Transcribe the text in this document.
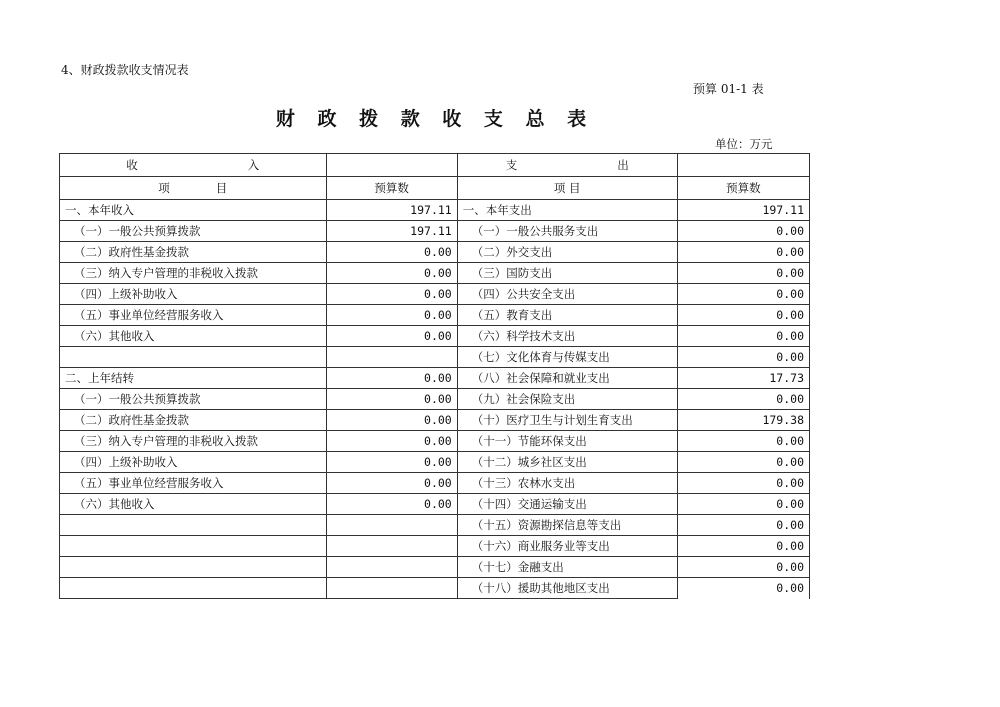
4、财政拨款收支情况表
预算 01-1 表
财 政 拨 款 收 支 总 表
单位：万元
收 入		支 出	
项　　　　目	预算数	项 目	预算数
一、本年收入	197.11	一、本年支出	197.11
（一）一般公共预算拨款	197.11	（一）一般公共服务支出	0.00
（二）政府性基金拨款	0.00	（二）外交支出	0.00
（三）纳入专户管理的非税收入拨款	0.00	（三）国防支出	0.00
（四）上级补助收入	0.00	（四）公共安全支出	0.00
（五）事业单位经营服务收入	0.00	（五）教育支出	0.00
（六）其他收入	0.00	（六）科学技术支出	0.00
		（七）文化体育与传媒支出	0.00
二、上年结转	0.00	（八）社会保障和就业支出	17.73
（一）一般公共预算拨款	0.00	（九）社会保险支出	0.00
（二）政府性基金拨款	0.00	（十）医疗卫生与计划生育支出	179.38
（三）纳入专户管理的非税收入拨款	0.00	（十一）节能环保支出	0.00
（四）上级补助收入	0.00	（十二）城乡社区支出	0.00
（五）事业单位经营服务收入	0.00	（十三）农林水支出	0.00
（六）其他收入	0.00	（十四）交通运输支出	0.00
		（十五）资源勘探信息等支出	0.00
		（十六）商业服务业等支出	0.00
		（十七）金融支出	0.00
		（十八）援助其他地区支出	0.00
